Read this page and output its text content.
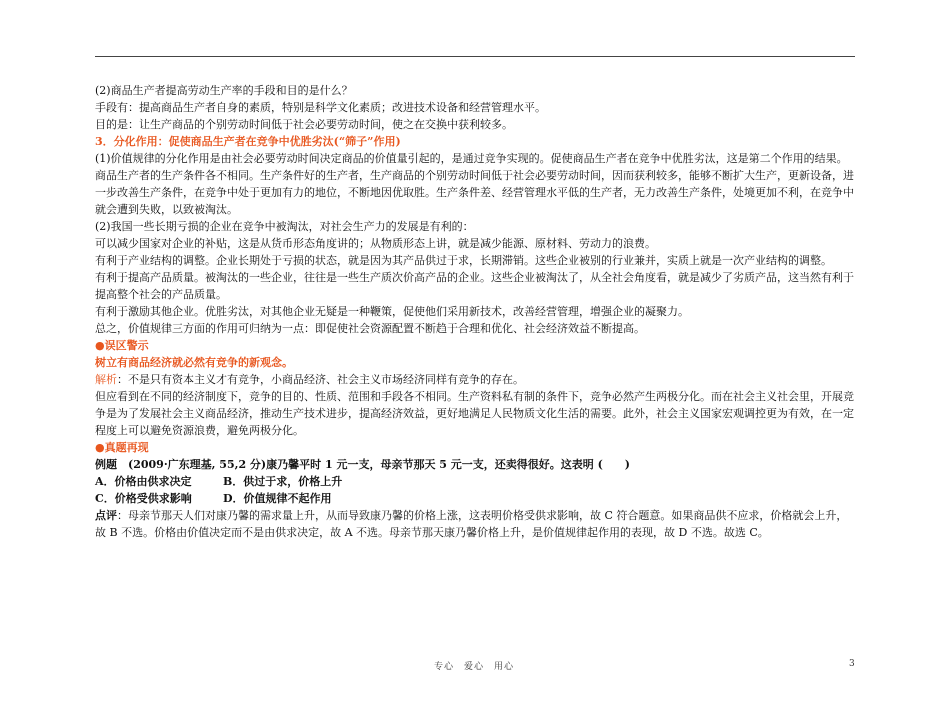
(2)商品生产者提高劳动生产率的手段和目的是什么？

手段有：提高商品生产者自身的素质，特别是科学文化素质；改进技术设备和经营管理水平。

目的是：让生产商品的个别劳动时间低于社会必要劳动时间，使之在交换中获利较多。

3．分化作用：促使商品生产者在竞争中优胜劣汰(“筛子”作用)

(1)价值规律的分化作用是由社会必要劳动时间决定商品的价值量引起的，是通过竞争实现的。促使商品生产者在竞争中优胜劣汰，这是第二个作用的结果。

商品生产者的生产条件各不相同。生产条件好的生产者，生产商品的个别劳动时间低于社会必要劳动时间，因而获利较多，能够不断扩大生产，更新设备，进一步改善生产条件，在竞争中处于更加有力的地位，不断地因优取胜。生产条件差、经营管理水平低的生产者，无力改善生产条件，处境更加不利，在竞争中就会遭到失败，以致被淘汰。

(2)我国一些长期亏损的企业在竞争中被淘汰，对社会生产力的发展是有利的：

可以减少国家对企业的补贴，这是从货币形态角度讲的；从物质形态上讲，就是减少能源、原材料、劳动力的浪费。

有利于产业结构的调整。企业长期处于亏损的状态，就是因为其产品供过于求，长期滞销。这些企业被别的行业兼并，实质上就是一次产业结构的调整。

有利于提高产品质量。被淘汰的一些企业，往往是一些生产质次价高产品的企业。这些企业被淘汰了，从全社会角度看，就是减少了劣质产品，这当然有利于提高整个社会的产品质量。

有利于激励其他企业。优胜劣汰，对其他企业无疑是一种鞭策，促使他们采用新技术，改善经营管理，增强企业的凝聚力。

总之，价值规律三方面的作用可归纳为一点：即促使社会资源配置不断趋于合理和优化、社会经济效益不断提高。

●误区警示

树立有商品经济就必然有竞争的新观念。

解析：不是只有资本主义才有竞争，小商品经济、社会主义市场经济同样有竞争的存在。

但应看到在不同的经济制度下，竞争的目的、性质、范围和手段各不相同。生产资料私有制的条件下，竞争必然产生两极分化。而在社会主义社会里，开展竞争是为了发展社会主义商品经济，推动生产技术进步，提高经济效益，更好地满足人民物质文化生活的需要。此外，社会主义国家宏观调控更为有效，在一定程度上可以避免资源浪费，避免两极分化。

●真题再现

例题　(2009·广东理基, 55,2 分)康乃馨平时 1 元一支，母亲节那天 5 元一支，还卖得很好。这表明 (　　)

A．价格由供求决定	B．供过于求，价格上升
C．价格受供求影响	D．价值规律不起作用

点评：母亲节那天人们对康乃馨的需求量上升，从而导致康乃馨的价格上涨，这表明价格受供求影响，故 C 符合题意。如果商品供不应求，价格就会上升，故 B 不选。价格由价值决定而不是由供求决定，故 A 不选。母亲节那天康乃馨价格上升，是价值规律起作用的表现，故 D 不选。故选 C。

专心　爱心　用心	3
